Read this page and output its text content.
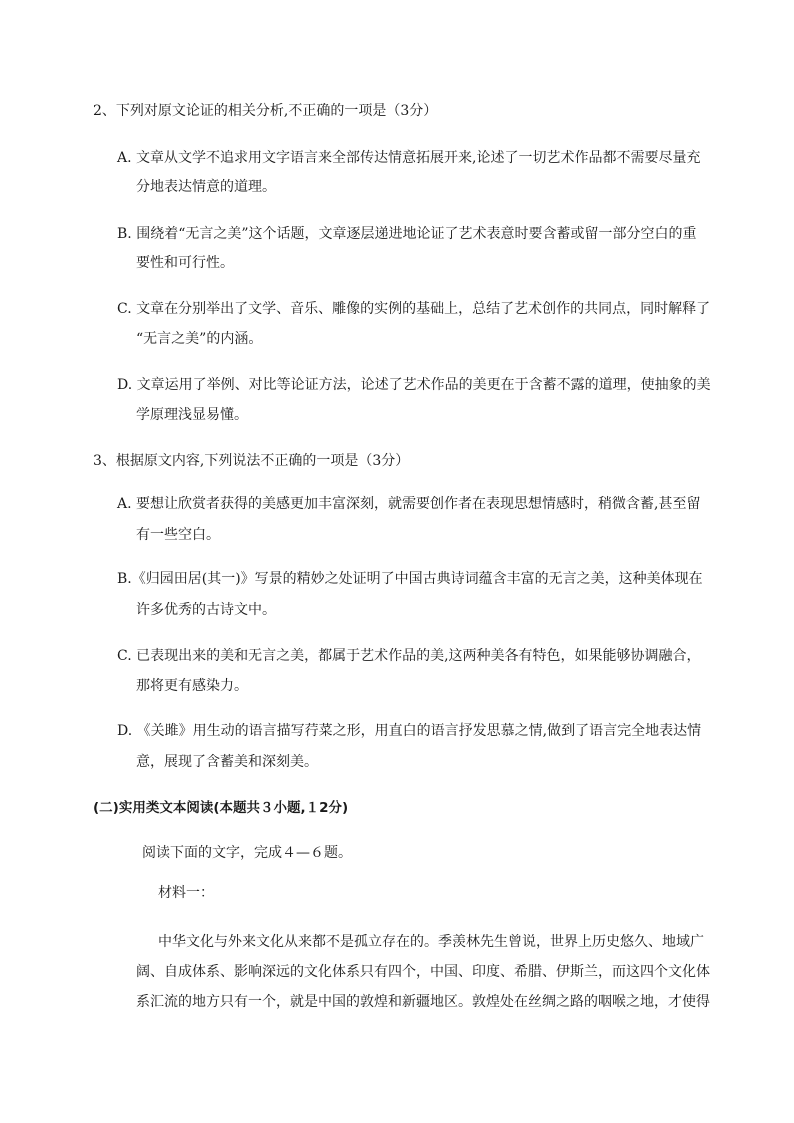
2、下列对原文论证的相关分析,不正确的一项是（3分）
A. 文章从文学不追求用文字语言来全部传达情意拓展开来,论述了一切艺术作品都不需要尽量充
分地表达情意的道理。
B. 围绕着“无言之美”这个话题，文章逐层递进地论证了艺术表意时要含蓄或留一部分空白的重
要性和可行性。
C. 文章在分别举出了文学、音乐、雕像的实例的基础上，总结了艺术创作的共同点，同时解释了
“无言之美”的内涵。
D. 文章运用了举例、对比等论证方法，论述了艺术作品的美更在于含蓄不露的道理，使抽象的美
学原理浅显易懂。
3、根据原文内容,下列说法不正确的一项是（3分）
A. 要想让欣赏者获得的美感更加丰富深刻，就需要创作者在表现思想情感时，稍微含蓄,甚至留
有一些空白。
B.《归园田居(其一)》写景的精妙之处证明了中国古典诗词蕴含丰富的无言之美，这种美体现在
许多优秀的古诗文中。
C. 已表现出来的美和无言之美，都属于艺术作品的美,这两种美各有特色，如果能够协调融合，
那将更有感染力。
D. 《关雎》用生动的语言描写荇菜之形，用直白的语言抒发思慕之情,做到了语言完全地表达情
意，展现了含蓄美和深刻美。
(二)实用类文本阅读(本题共３小题,１2分)
阅读下面的文字，完成４—６题。
材料一：
中华文化与外来文化从来都不是孤立存在的。季羡林先生曾说，世界上历史悠久、地域广
阔、自成体系、影响深远的文化体系只有四个，中国、印度、希腊、伊斯兰，而这四个文化体
系汇流的地方只有一个，就是中国的敦煌和新疆地区。敦煌处在丝绸之路的咽喉之地，才使得
